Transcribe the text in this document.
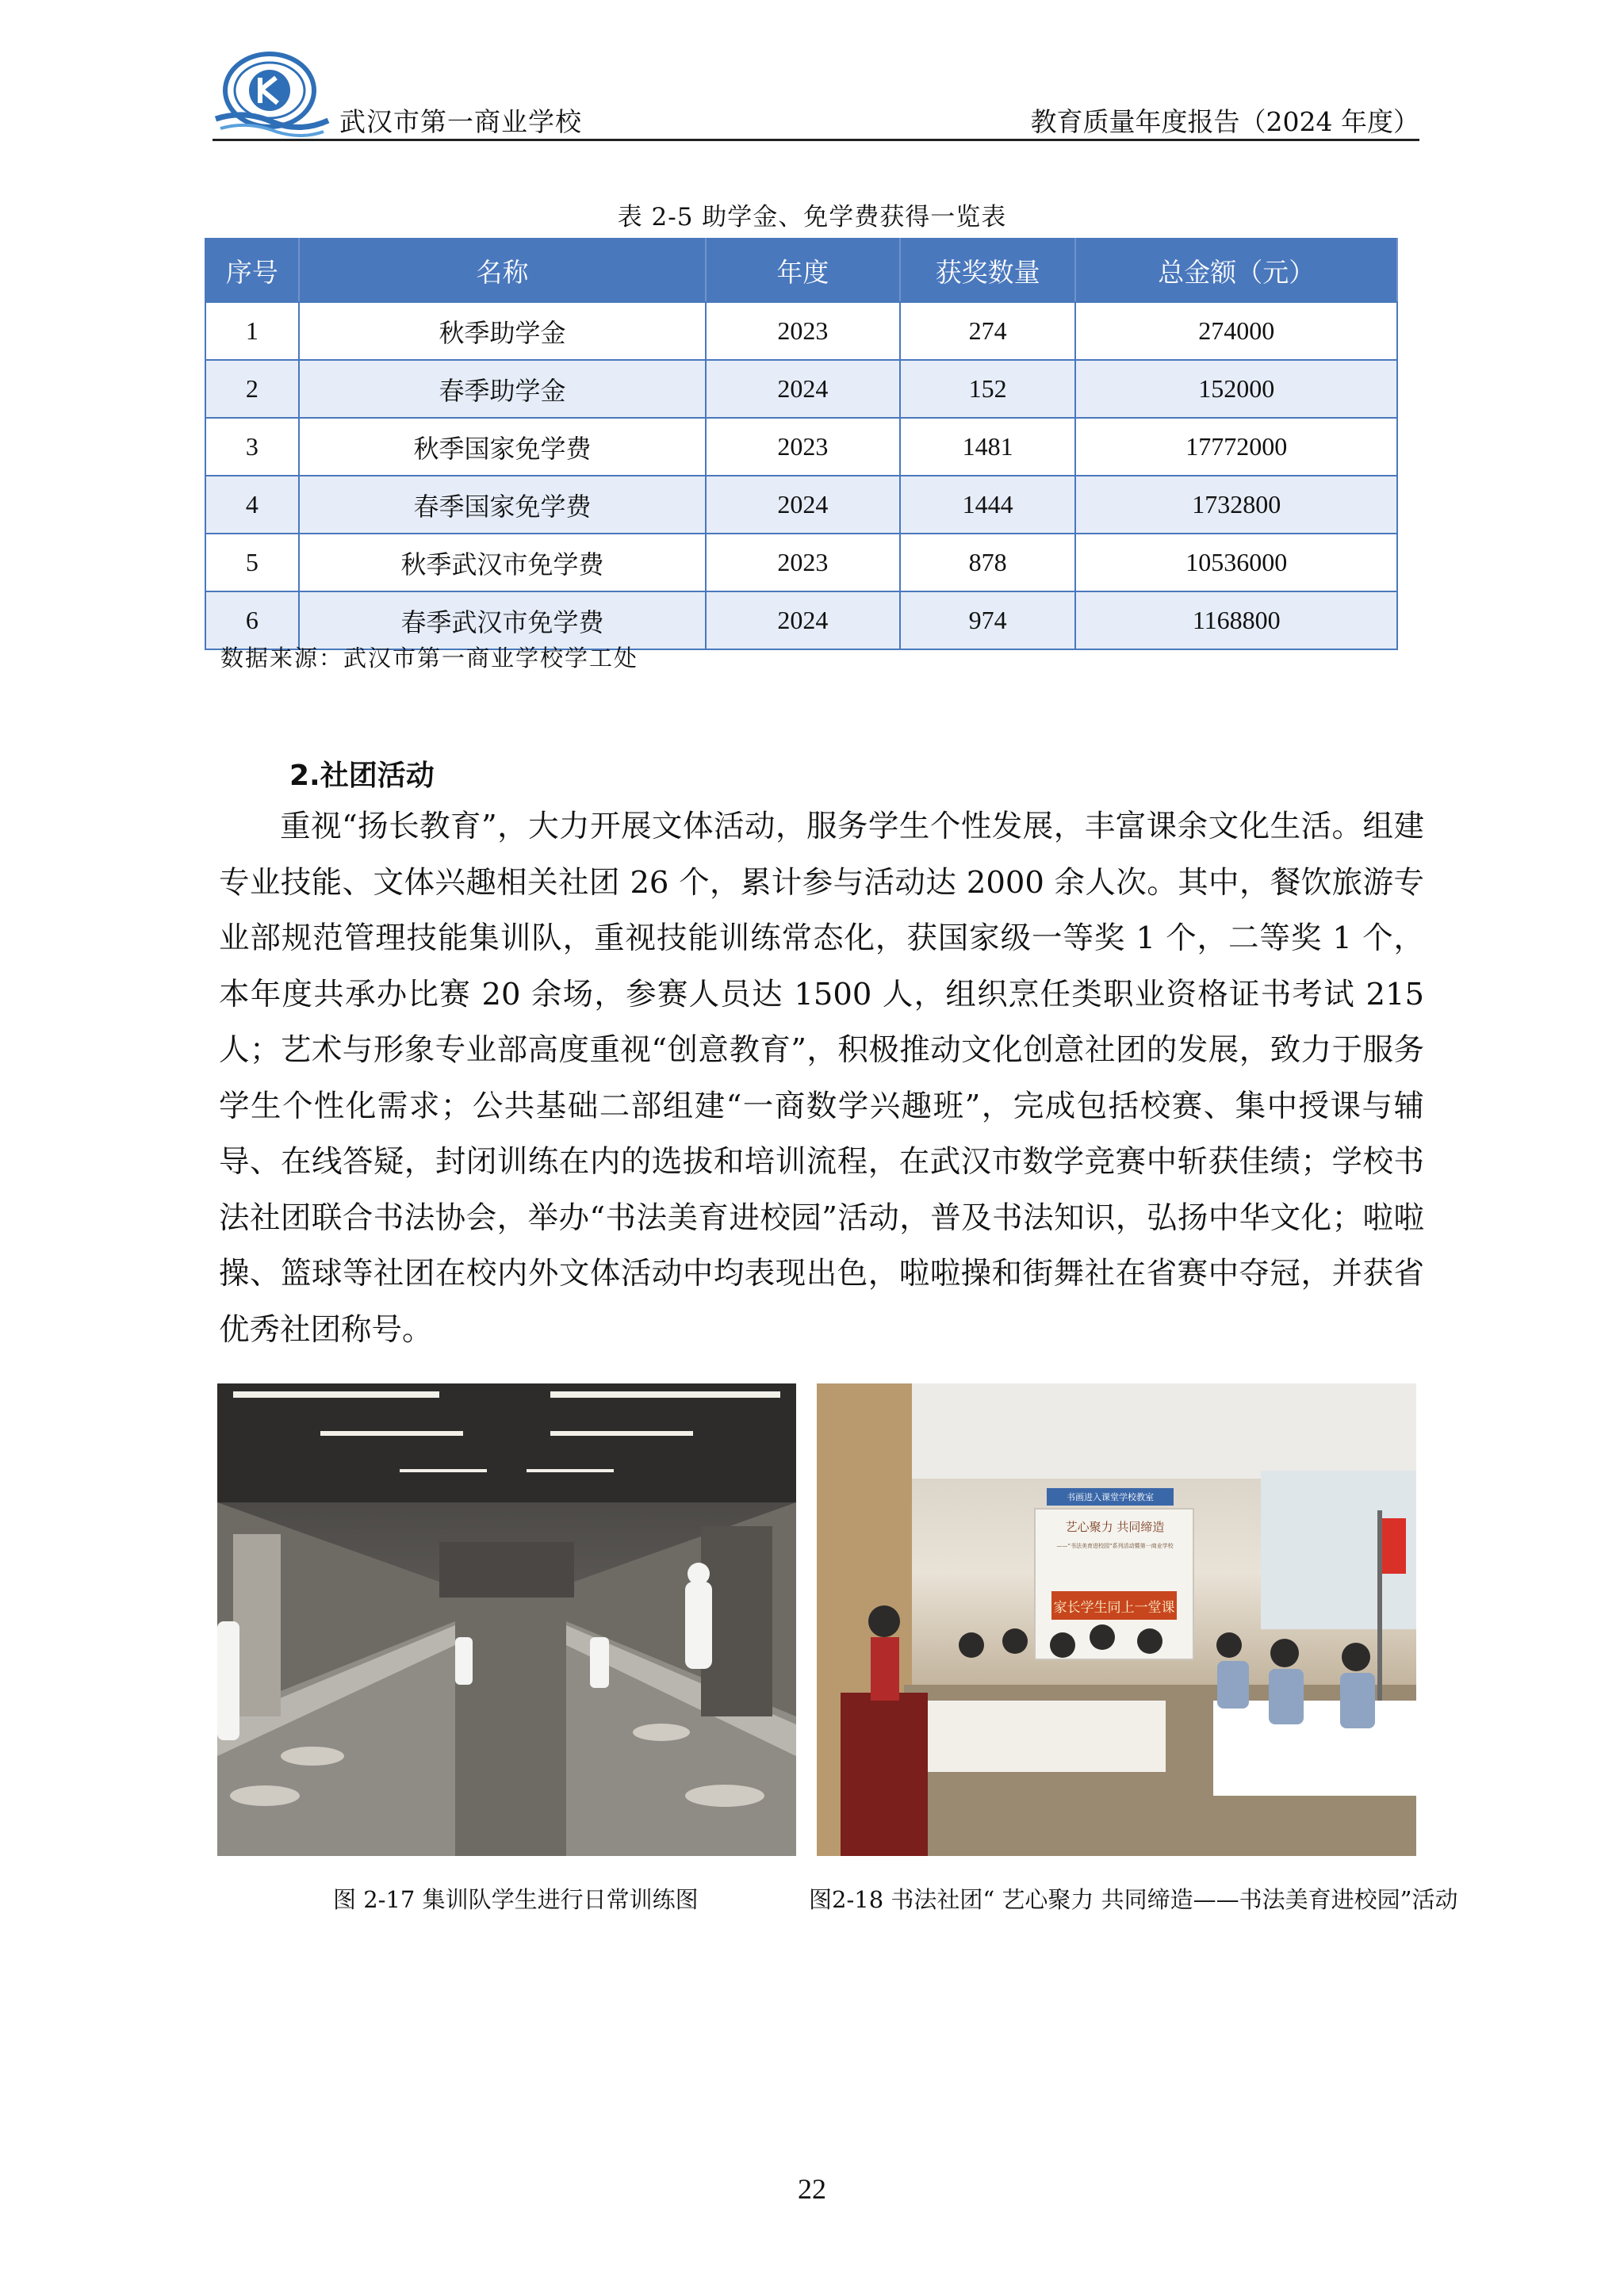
武汉市第一商业学校	教育质量年度报告（2024 年度）
表 2-5 助学金、免学费获得一览表
序号	名称	年度	获奖数量	总金额（元）
1	秋季助学金	2023	274	274000
2	春季助学金	2024	152	152000
3	秋季国家免学费	2023	1481	17772000
4	春季国家免学费	2024	1444	1732800
5	秋季武汉市免学费	2023	878	10536000
6	春季武汉市免学费	2024	974	1168800
数据来源：武汉市第一商业学校学工处
2.社团活动
重视“扬长教育”，大力开展文体活动，服务学生个性发展，丰富课余文化生活。组建专业技能、文体兴趣相关社团 26 个，累计参与活动达 2000 余人次。其中，餐饮旅游专业部规范管理技能集训队，重视技能训练常态化，获国家级一等奖 1 个，二等奖 1 个，本年度共承办比赛 20 余场，参赛人员达 1500 人，组织烹任类职业资格证书考试 215 人；艺术与形象专业部高度重视“创意教育”，积极推动文化创意社团的发展，致力于服务学生个性化需求；公共基础二部组建“一商数学兴趣班”，完成包括校赛、集中授课与辅导、在线答疑，封闭训练在内的选拔和培训流程，在武汉市数学竞赛中斩获佳绩；学校书法社团联合书法协会，举办“书法美育进校园”活动，普及书法知识，弘扬中华文化；啦啦操、篮球等社团在校内外文体活动中均表现出色，啦啦操和街舞社在省赛中夺冠，并获省优秀社团称号。
艺心聚力 共同缔造
——“书法美育进校园”系列活动暨第一商业学校
家长学生同上一堂课
书画进入课堂学校教室
图 2-17 集训队学生进行日常训练图	图2-18 书法社团“ 艺心聚力 共同缔造——书法美育进校园”活动
22
